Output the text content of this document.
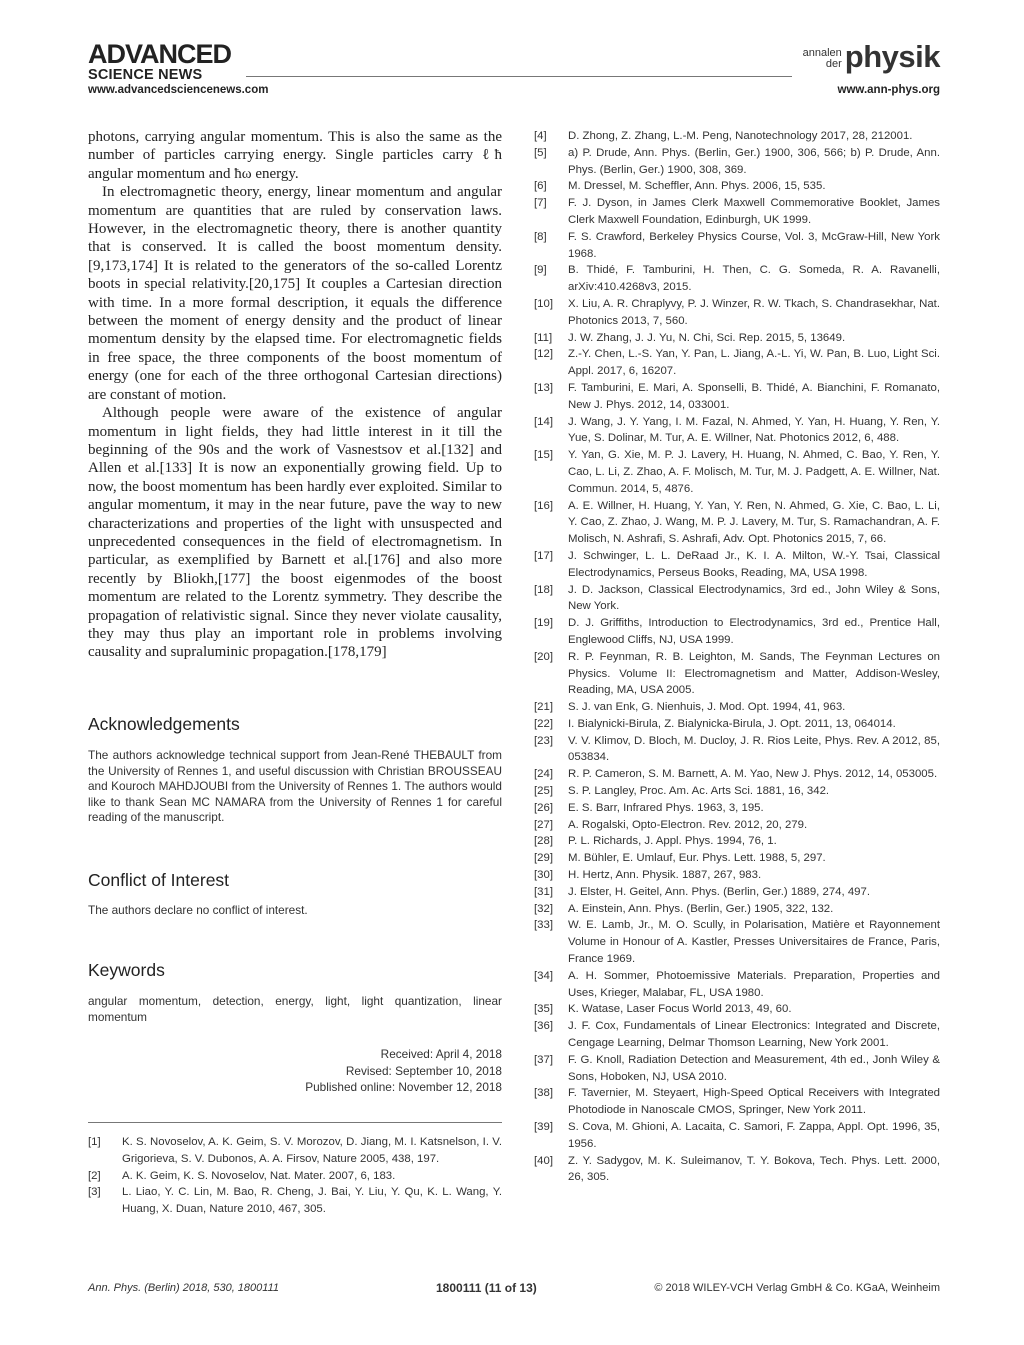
ADVANCED
SCIENCE NEWS
annalen
derphysik
www.advancedsciencenews.com	www.ann-phys.org

photons, carrying angular momentum. This is also the same as the number of particles carrying energy. Single particles carry ℓħ angular momentum and ħω energy.

In electromagnetic theory, energy, linear momentum and angular momentum are quantities that are ruled by conservation laws. However, in the electromagnetic theory, there is another quantity that is conserved. It is called the boost momentum density.[9,173,174] It is related to the generators of the so-called Lorentz boots in special relativity.[20,175] It couples a Cartesian direction with time. In a more formal description, it equals the difference between the moment of energy density and the product of linear momentum density by the elapsed time. For electromagnetic fields in free space, the three components of the boost momentum of energy (one for each of the three orthogonal Cartesian directions) are constant of motion.

Although people were aware of the existence of angular momentum in light fields, they had little interest in it till the beginning of the 90s and the work of Vasnestsov et al.[132] and Allen et al.[133] It is now an exponentially growing field. Up to now, the boost momentum has been hardly ever exploited. Similar to angular momentum, it may in the near future, pave the way to new characterizations and properties of the light with unsuspected and unprecedented consequences in the field of electromagnetism. In particular, as exemplified by Barnett et al.[176] and also more recently by Bliokh,[177] the boost eigenmodes of the boost momentum are related to the Lorentz symmetry. They describe the propagation of relativistic signal. Since they never violate causality, they may thus play an important role in problems involving causality and supraluminic propagation.[178,179]

Acknowledgements

The authors acknowledge technical support from Jean-René THEBAULT from the University of Rennes 1, and useful discussion with Christian BROUSSEAU and Kouroch MAHDJOUBI from the University of Rennes 1. The authors would like to thank Sean MC NAMARA from the University of Rennes 1 for careful reading of the manuscript.

Conflict of Interest

The authors declare no conflict of interest.

Keywords

angular momentum, detection, energy, light, light quantization, linear momentum

Received: April 4, 2018
Revised: September 10, 2018
Published online: November 12, 2018
[1]	K. S. Novoselov, A. K. Geim, S. V. Morozov, D. Jiang, M. I. Katsnelson, I. V. Grigorieva, S. V. Dubonos, A. A. Firsov, Nature 2005, 438, 197.
[2]	A. K. Geim, K. S. Novoselov, Nat. Mater. 2007, 6, 183.
[3]	L. Liao, Y. C. Lin, M. Bao, R. Cheng, J. Bai, Y. Liu, Y. Qu, K. L. Wang, Y. Huang, X. Duan, Nature 2010, 467, 305.
[4]	D. Zhong, Z. Zhang, L.-M. Peng, Nanotechnology 2017, 28, 212001.
[5]	a) P. Drude, Ann. Phys. (Berlin, Ger.) 1900, 306, 566; b) P. Drude, Ann. Phys. (Berlin, Ger.) 1900, 308, 369.
[6]	M. Dressel, M. Scheffler, Ann. Phys. 2006, 15, 535.
[7]	F. J. Dyson, in James Clerk Maxwell Commemorative Booklet, James Clerk Maxwell Foundation, Edinburgh, UK 1999.
[8]	F. S. Crawford, Berkeley Physics Course, Vol. 3, McGraw-Hill, New York 1968.
[9]	B. Thidé, F. Tamburini, H. Then, C. G. Someda, R. A. Ravanelli, arXiv:410.4268v3, 2015.
[10]	X. Liu, A. R. Chraplyvy, P. J. Winzer, R. W. Tkach, S. Chandrasekhar, Nat. Photonics 2013, 7, 560.
[11]	J. W. Zhang, J. J. Yu, N. Chi, Sci. Rep. 2015, 5, 13649.
[12]	Z.-Y. Chen, L.-S. Yan, Y. Pan, L. Jiang, A.-L. Yi, W. Pan, B. Luo, Light Sci. Appl. 2017, 6, 16207.
[13]	F. Tamburini, E. Mari, A. Sponselli, B. Thidé, A. Bianchini, F. Romanato, New J. Phys. 2012, 14, 033001.
[14]	J. Wang, J. Y. Yang, I. M. Fazal, N. Ahmed, Y. Yan, H. Huang, Y. Ren, Y. Yue, S. Dolinar, M. Tur, A. E. Willner, Nat. Photonics 2012, 6, 488.
[15]	Y. Yan, G. Xie, M. P. J. Lavery, H. Huang, N. Ahmed, C. Bao, Y. Ren, Y. Cao, L. Li, Z. Zhao, A. F. Molisch, M. Tur, M. J. Padgett, A. E. Willner, Nat. Commun. 2014, 5, 4876.
[16]	A. E. Willner, H. Huang, Y. Yan, Y. Ren, N. Ahmed, G. Xie, C. Bao, L. Li, Y. Cao, Z. Zhao, J. Wang, M. P. J. Lavery, M. Tur, S. Ramachandran, A. F. Molisch, N. Ashrafi, S. Ashrafi, Adv. Opt. Photonics 2015, 7, 66.
[17]	J. Schwinger, L. L. DeRaad Jr., K. I. A. Milton, W.-Y. Tsai, Classical Electrodynamics, Perseus Books, Reading, MA, USA 1998.
[18]	J. D. Jackson, Classical Electrodynamics, 3rd ed., John Wiley & Sons, New York.
[19]	D. J. Griffiths, Introduction to Electrodynamics, 3rd ed., Prentice Hall, Englewood Cliffs, NJ, USA 1999.
[20]	R. P. Feynman, R. B. Leighton, M. Sands, The Feynman Lectures on Physics. Volume II: Electromagnetism and Matter, Addison-Wesley, Reading, MA, USA 2005.
[21]	S. J. van Enk, G. Nienhuis, J. Mod. Opt. 1994, 41, 963.
[22]	I. Bialynicki-Birula, Z. Bialynicka-Birula, J. Opt. 2011, 13, 064014.
[23]	V. V. Klimov, D. Bloch, M. Ducloy, J. R. Rios Leite, Phys. Rev. A 2012, 85, 053834.
[24]	R. P. Cameron, S. M. Barnett, A. M. Yao, New J. Phys. 2012, 14, 053005.
[25]	S. P. Langley, Proc. Am. Ac. Arts Sci. 1881, 16, 342.
[26]	E. S. Barr, Infrared Phys. 1963, 3, 195.
[27]	A. Rogalski, Opto-Electron. Rev. 2012, 20, 279.
[28]	P. L. Richards, J. Appl. Phys. 1994, 76, 1.
[29]	M. Bühler, E. Umlauf, Eur. Phys. Lett. 1988, 5, 297.
[30]	H. Hertz, Ann. Physik. 1887, 267, 983.
[31]	J. Elster, H. Geitel, Ann. Phys. (Berlin, Ger.) 1889, 274, 497.
[32]	A. Einstein, Ann. Phys. (Berlin, Ger.) 1905, 322, 132.
[33]	W. E. Lamb, Jr., M. O. Scully, in Polarisation, Matière et Rayonnement Volume in Honour of A. Kastler, Presses Universitaires de France, Paris, France 1969.
[34]	A. H. Sommer, Photoemissive Materials. Preparation, Properties and Uses, Krieger, Malabar, FL, USA 1980.
[35]	K. Watase, Laser Focus World 2013, 49, 60.
[36]	J. F. Cox, Fundamentals of Linear Electronics: Integrated and Discrete, Cengage Learning, Delmar Thomson Learning, New York 2001.
[37]	F. G. Knoll, Radiation Detection and Measurement, 4th ed., Jonh Wiley & Sons, Hoboken, NJ, USA 2010.
[38]	F. Tavernier, M. Steyaert, High-Speed Optical Receivers with Integrated Photodiode in Nanoscale CMOS, Springer, New York 2011.
[39]	S. Cova, M. Ghioni, A. Lacaita, C. Samori, F. Zappa, Appl. Opt. 1996, 35, 1956.
[40]	Z. Y. Sadygov, M. K. Suleimanov, T. Y. Bokova, Tech. Phys. Lett. 2000, 26, 305.
Ann. Phys. (Berlin) 2018, 530, 1800111	1800111 (11 of 13)	© 2018 WILEY-VCH Verlag GmbH & Co. KGaA, Weinheim
